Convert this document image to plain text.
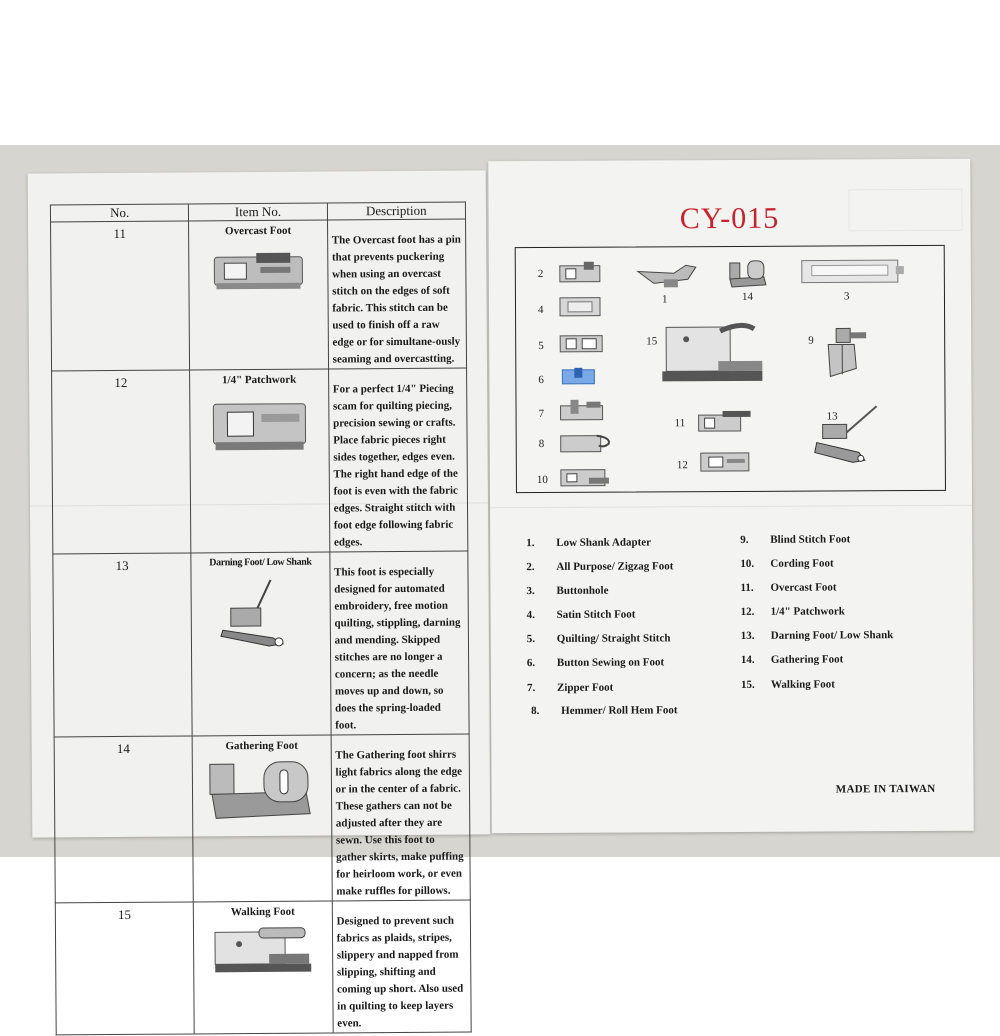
No.	Item No.	Description
11	Overcast Foot	The Overcast foot has a pin that prevents puckering when using an overcast stitch on the edges of soft fabric. This stitch can be used to finish off a raw edge or for simultane-ously seaming and overcastting.

12	1/4" Patchwork	For a perfect 1/4" Piecing scam for quilting piecing, precision sewing or crafts. Place fabric pieces right sides together, edges even. The right hand edge of the foot is even with the fabric edges. Straight stitch with foot edge following fabric edges.

13	Darning Foot/ Low Shank	This foot is especially designed for automated embroidery, free motion quilting, stippling, darning and mending. Skipped stitches are no longer a concern; as the needle moves up and down, so does the spring-loaded foot.

14	Gathering Foot	The Gathering foot shirrs light fabrics along the edge or in the center of a fabric. These gathers can not be adjusted after they are sewn. Use this foot to gather skirts, make puffing for heirloom work, or even make ruffles for pillows.

15	Walking Foot	Designed to prevent such fabrics as plaids, stripes, slippery and napped from slipping, shifting and coming up short. Also used in quilting to keep layers even.
CY-015
2
4
5
6
7
8
10
1	14	3
15	9
11
12
13
1. Low Shank Adapter
2. All Purpose/ Zigzag Foot
3. Buttonhole
4. Satin Stitch Foot
5. Quilting/ Straight Stitch
6. Button Sewing on Foot
7. Zipper Foot
8. Hemmer/ Roll Hem Foot
9. Blind Stitch Foot
10. Cording Foot
11. Overcast Foot
12. 1/4" Patchwork
13. Darning Foot/ Low Shank
14. Gathering Foot
15. Walking Foot
MADE IN TAIWAN
